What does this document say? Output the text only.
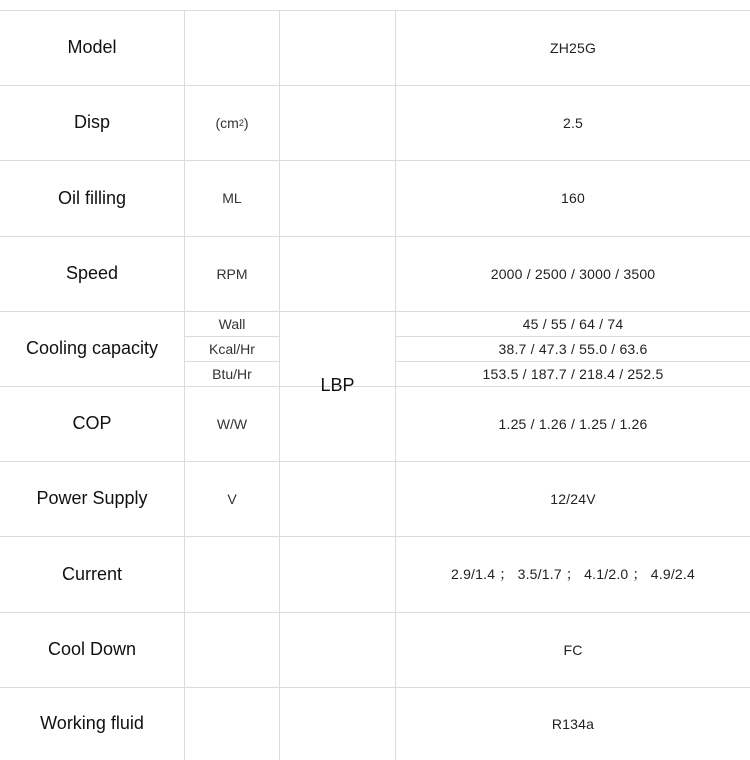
LBP
Model	ZH25G
Disp	(cm 2 )	2.5
Oil filling	ML	160
Speed	RPM	2000 / 2500 / 3000 / 3500
Cooling capacity
Wall	45 / 55 / 64 / 74
Kcal/Hr	38.7 / 47.3 / 55.0 / 63.6
Btu/Hr	153.5 / 187.7 / 218.4 / 252.5
COP	W/W	1.25 / 1.26 / 1.25 / 1.26
Power Supply	V	12/24V
Current	2.9/1.4 ； 3.5/1.7 ； 4.1/2.0 ； 4.9/2.4
Cool Down	FC
Working fluid	R134a
